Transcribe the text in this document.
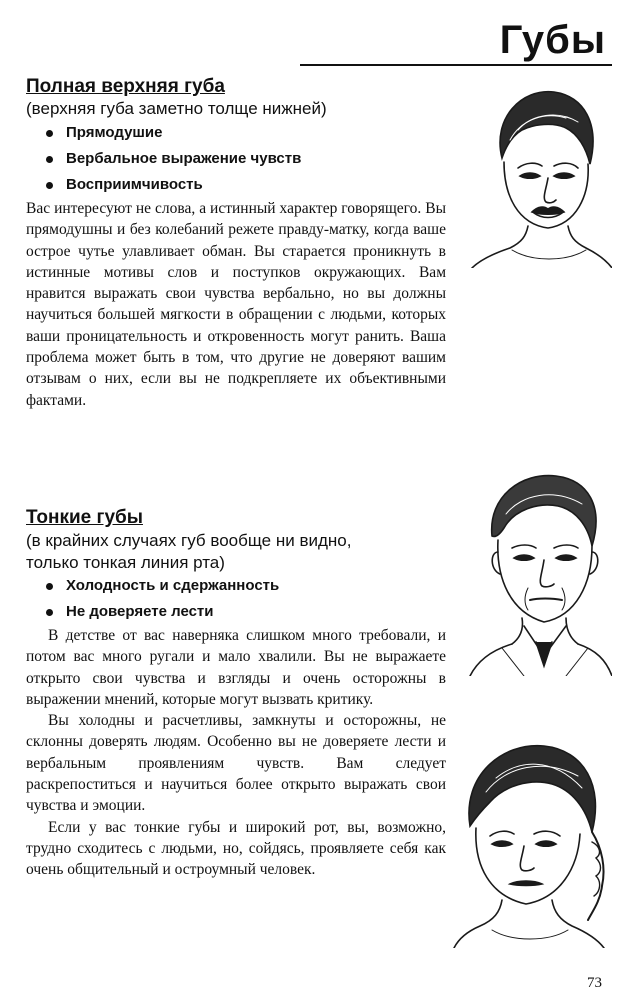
Губы
Полная верхняя губа
(верхняя губа заметно толще нижней)
Прямодушие
Вербальное выражение чувств
Восприимчивость

Вас интересуют не слова, а истинный характер говорящего. Вы прямодушны и без колебаний режете правду-матку, когда ваше острое чутье улавливает обман. Вы старается проникнуть в истинные мотивы слов и поступков окружающих. Вам нравится выражать свои чувства вербально, но вы должны научиться большей мягкости в обращении с людьми, которых ваши проницательность и откровенность могут ранить. Ваша проблема может быть в том, что другие не доверяют вашим отзывам о них, если вы не подкрепляете их объективными фактами.

Тонкие губы
(в крайних случаях губ вообще ни видно,
только тонкая линия рта)
Холодность и сдержанность
Не доверяете лести

В детстве от вас наверняка слишком много требовали, и потом вас много ругали и мало хвалили. Вы не выражаете открыто свои чувства и взгляды и очень осторожны в выражении мнений, которые могут вызвать критику.

Вы холодны и расчетливы, замкнуты и осторожны, не склонны доверять людям. Особенно вы не доверяете лести и вербальным проявлениям чувств. Вам следует раскрепоститься и научиться более открыто выражать свои чувства и эмоции.

Если у вас тонкие губы и широкий рот, вы, возможно, трудно сходитесь с людьми, но, сойдясь, проявляете себя как очень общительный и остроумный человек.

73
